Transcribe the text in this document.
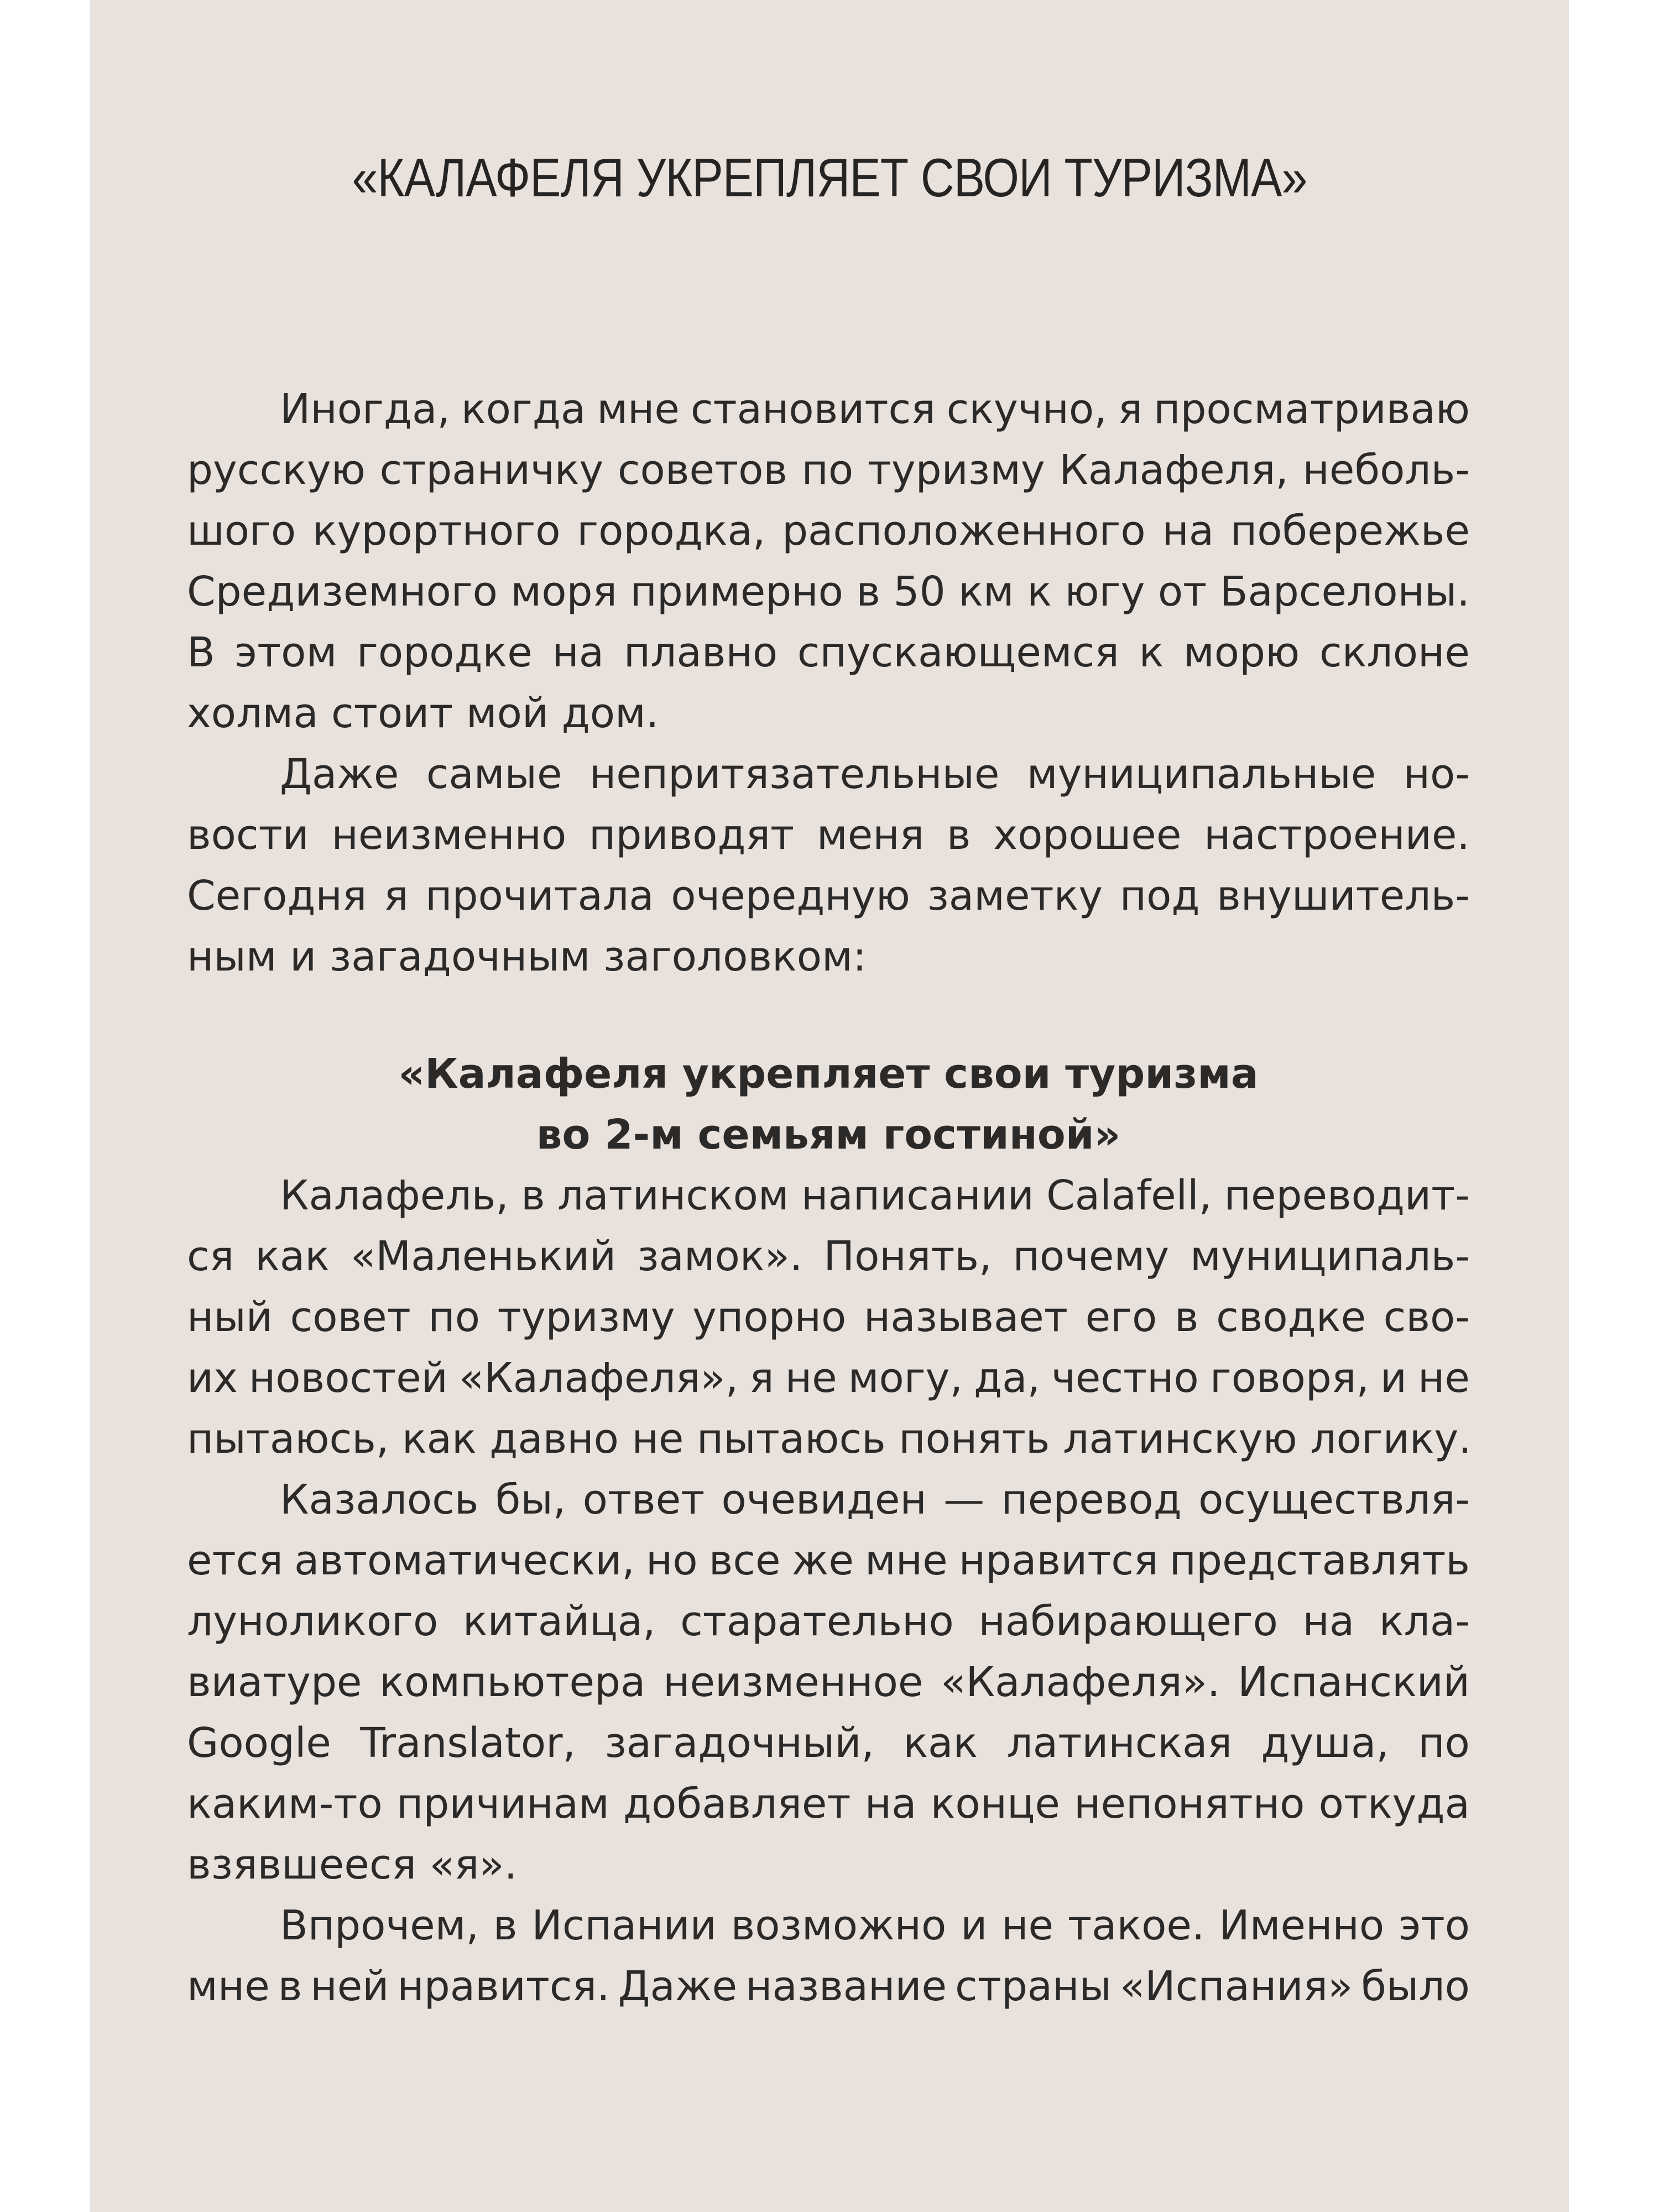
«КАЛАФЕЛЯ УКРЕПЛЯЕТ СВОИ ТУРИЗМА»
Иногда, когда мне становится скучно, я просматриваю
русскую страничку советов по туризму Калафеля, неболь-
шого курортного городка, расположенного на побережье
Средиземного моря примерно в 50 км к югу от Барселоны.
В этом городке на плавно спускающемся к морю склоне
холма стоит мой дом.
Даже самые непритязательные муниципальные но-
вости неизменно приводят меня в хорошее настроение.
Сегодня я прочитала очередную заметку под внушитель-
ным и загадочным заголовком:
«Калафеля укрепляет свои туризма
во 2-м семьям гостиной»
Калафель, в латинском написании Calafell, переводит-
ся как «Маленький замок». Понять, почему муниципаль-
ный совет по туризму упорно называет его в сводке сво-
их новостей «Калафеля», я не могу, да, честно говоря, и не
пытаюсь, как давно не пытаюсь понять латинскую логику.
Казалось бы, ответ очевиден — перевод осуществля-
ется автоматически, но все же мне нравится представлять
луноликого китайца, старательно набирающего на кла-
виатуре компьютера неизменное «Калафеля». Испанский
Google Translator, загадочный, как латинская душа, по
каким-то причинам добавляет на конце непонятно откуда
взявшееся «я».
Впрочем, в Испании возможно и не такое. Именно это
мне в ней нравится. Даже название страны «Испания» было
